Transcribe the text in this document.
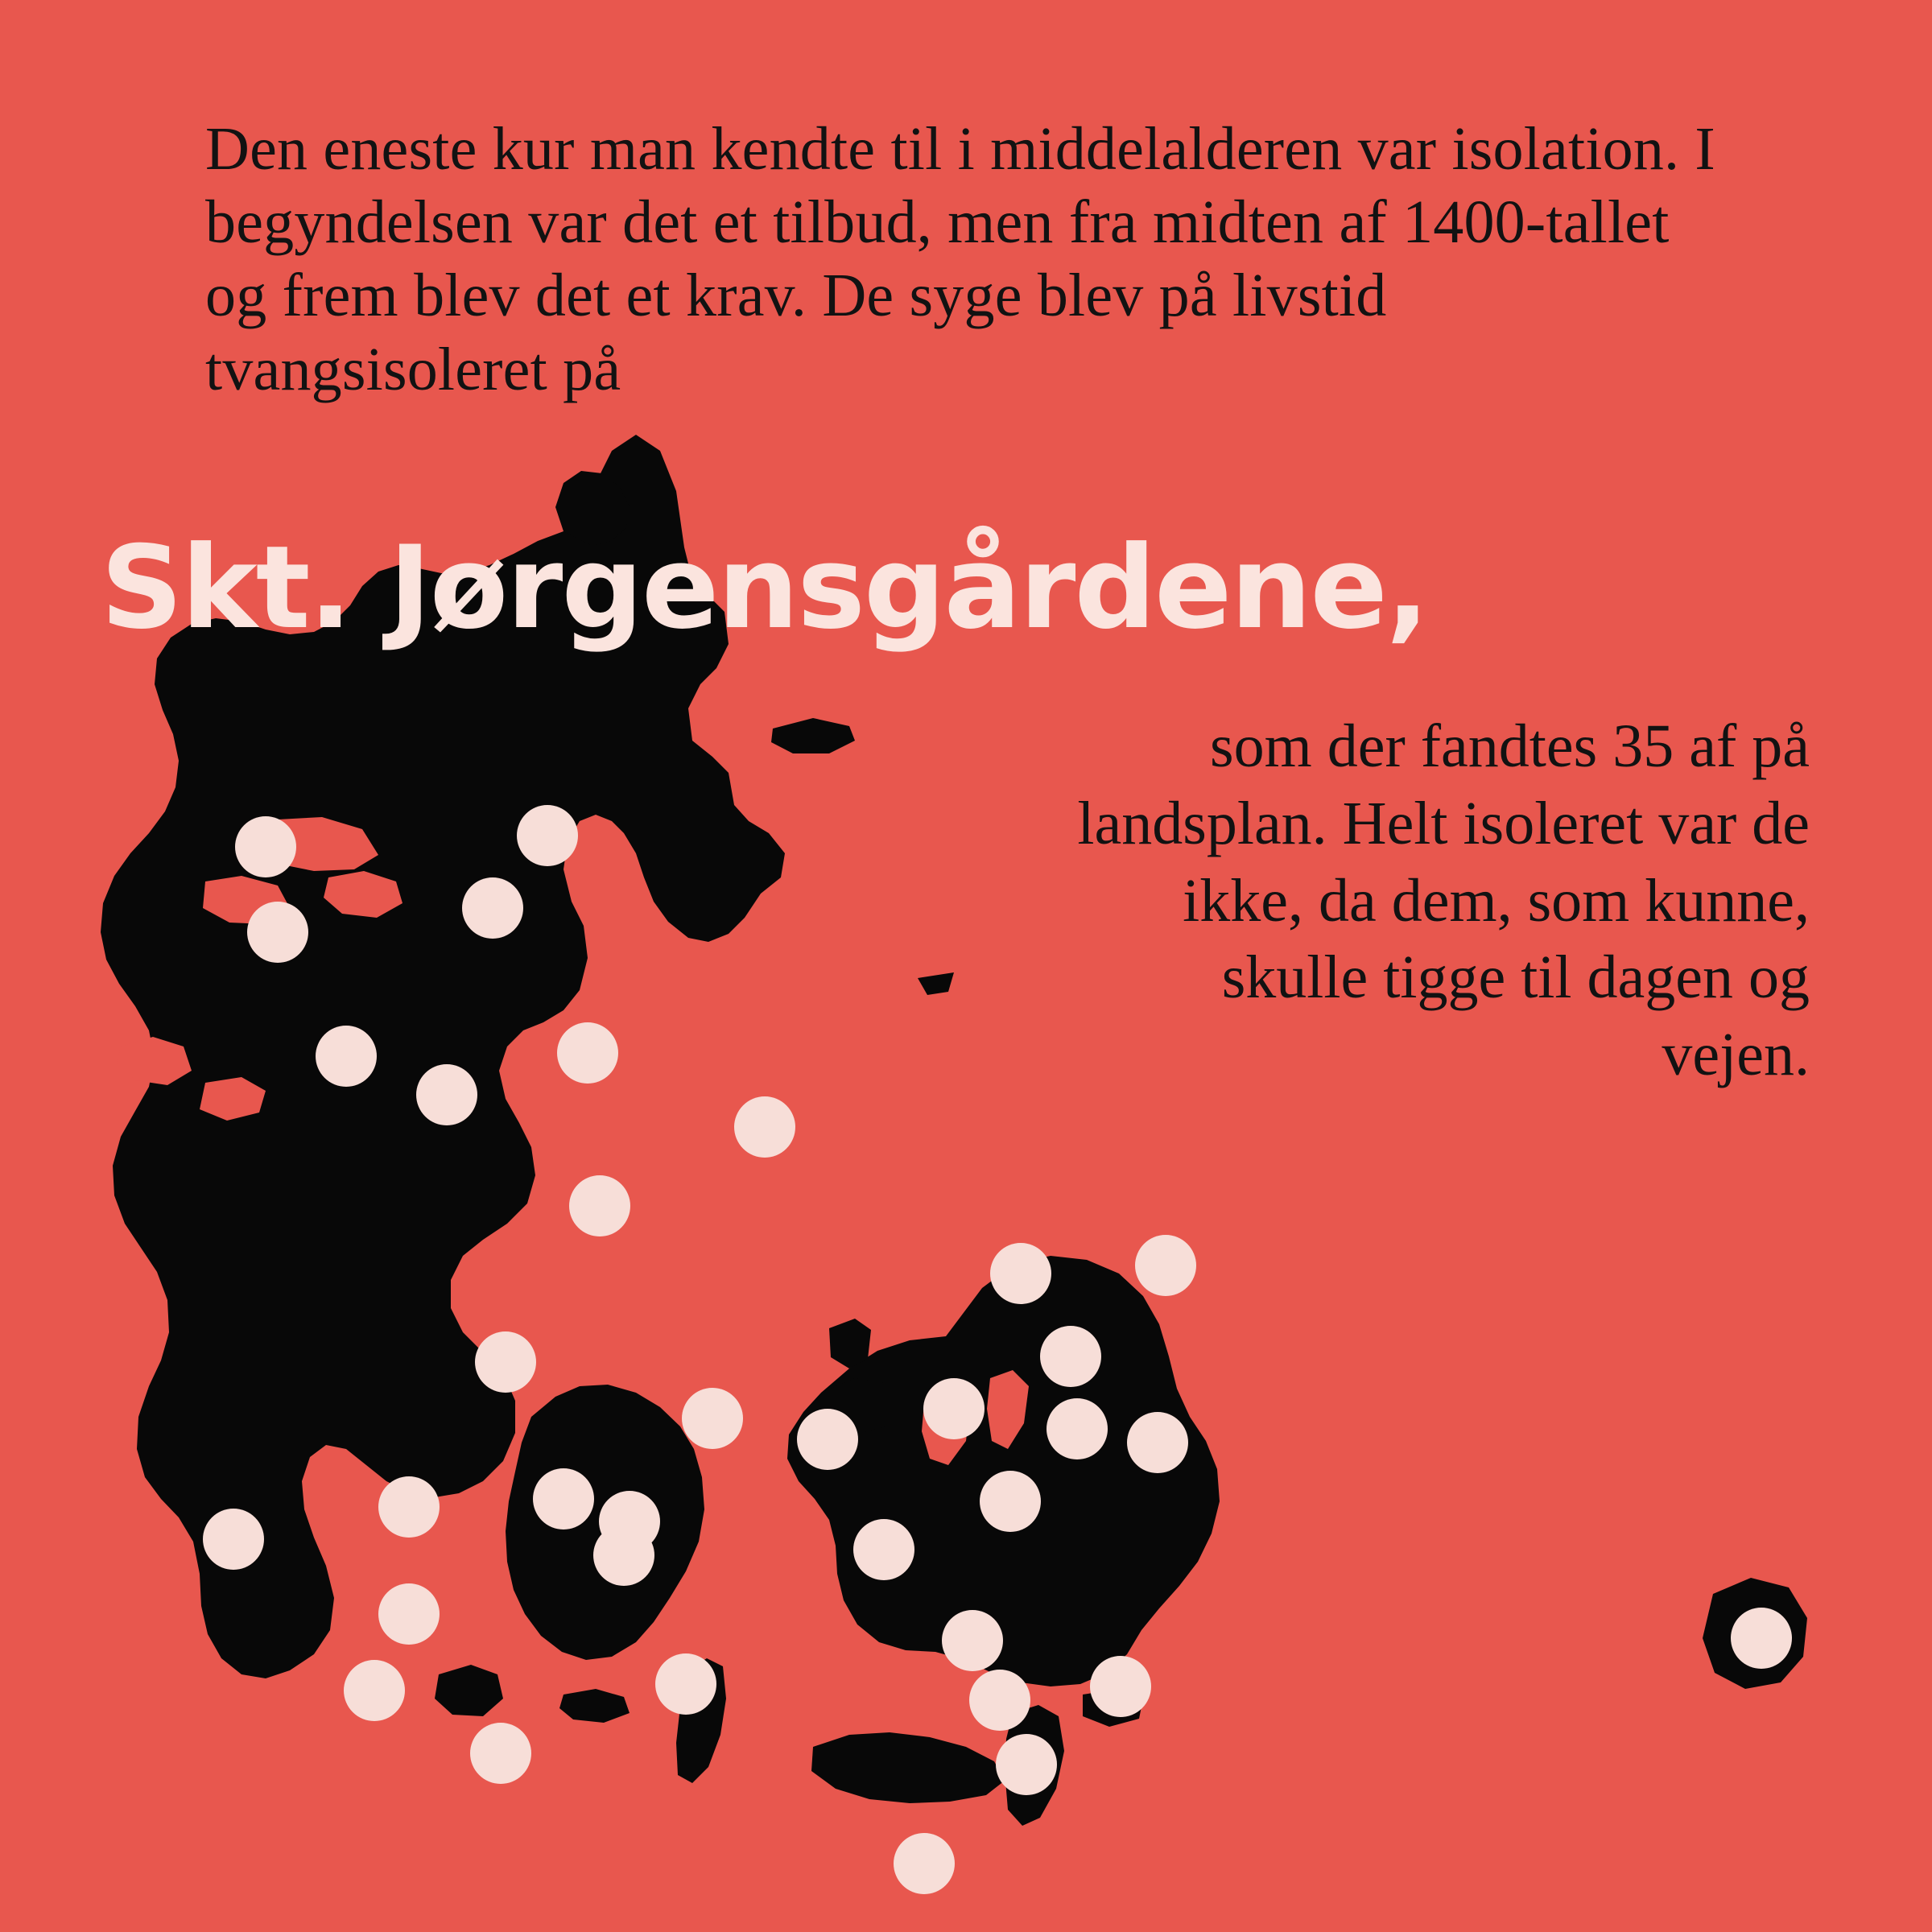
Den eneste kur man kendte til i middelalderen var isolation. I begyndelsen var det et tilbud, men fra midten af 1400-tallet og frem blev det et krav. De syge blev på livstid tvangsisoleret på

Skt. Jørgensgårdene,

som der fandtes 35 af på landsplan. Helt isoleret var de ikke, da dem, som kunne, skulle tigge til dagen og vejen.
